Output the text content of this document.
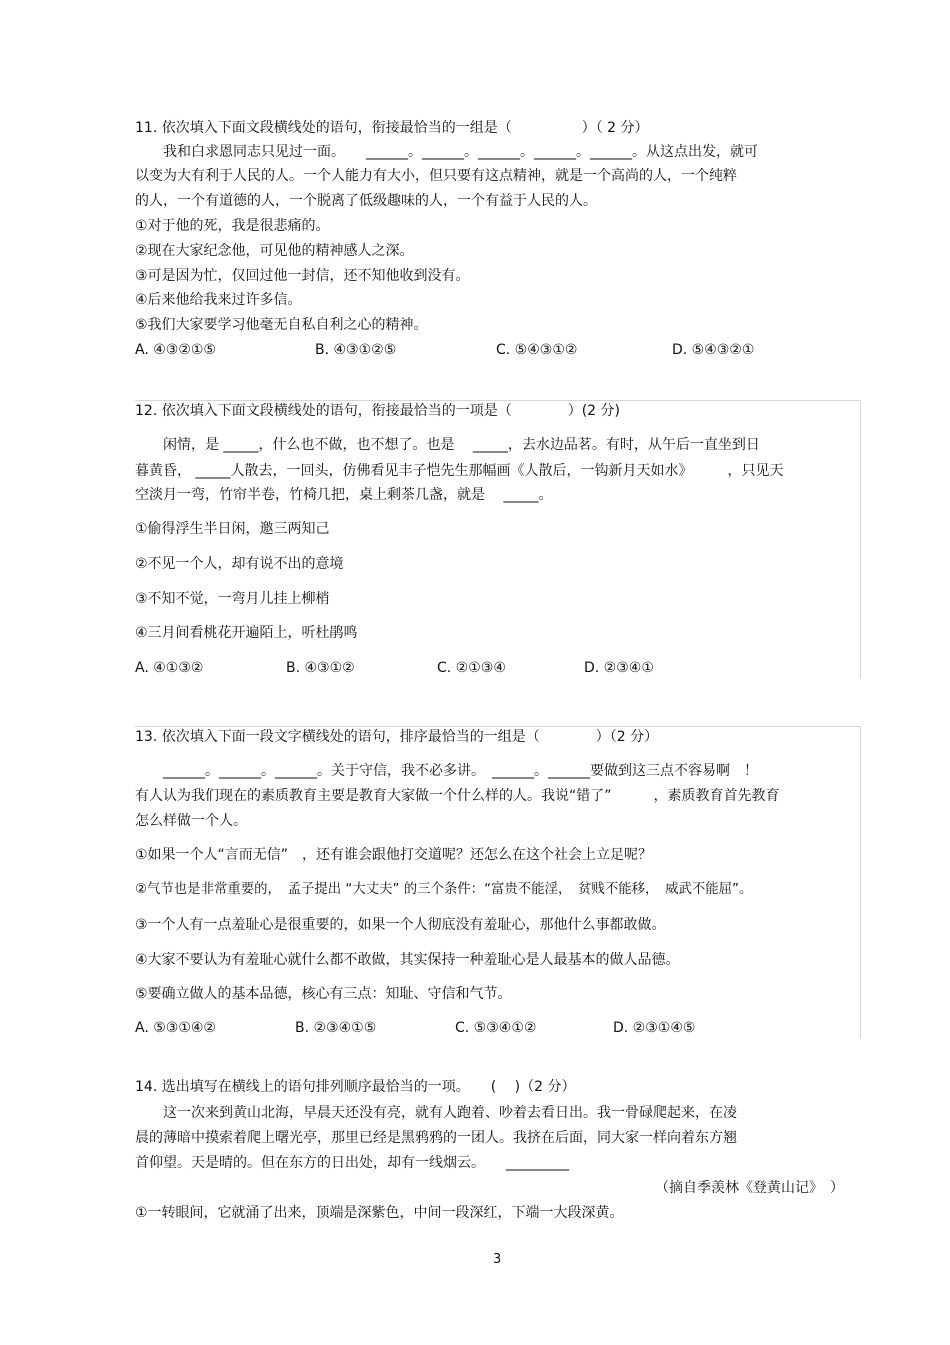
11. 依次填入下面文段横线处的语句，衔接最恰当的一组是（　　　　　）（ 2 分）
　　我和白求恩同志只见过一面。　　______。______。______。______。______。从这点出发，就可
以变为大有利于人民的人。一个人能力有大小，但只要有这点精神，就是一个高尚的人，一个纯粹
的人，一个有道德的人，一个脱离了低级趣味的人，一个有益于人民的人。
①对于他的死，我是很悲痛的。
②现在大家纪念他，可见他的精神感人之深。
③可是因为忙，仅回过他一封信，还不知他收到没有。
④后来他给我来过许多信。
⑤我们大家要学习他毫无自私自利之心的精神。
A. ④③②①⑤	B. ④③①②⑤	C. ⑤④③①②	D. ⑤④③②①
12. 依次填入下面文段横线处的语句，衔接最恰当的一项是（　　　　）(2 分)
　　闲情，是 _____，什么也不做，也不想了。也是　 _____，去水边品茗。有时，从午后一直坐到日
暮黄昏， _____人散去，一回头，仿佛看见丰子恺先生那幅画《人散后，一钩新月天如水》　　　，只见天
空淡月一弯，竹帘半卷，竹椅几把，桌上剩茶几盏，就是　 _____。
①偷得浮生半日闲，邀三两知己
②不见一个人，却有说不出的意境
③不知不觉，一弯月儿挂上柳梢
④三月间看桃花开遍陌上，听杜鹃鸣
A. ④①③②	B. ④③①②	C. ②①③④	D. ②③④①
13. 依次填入下面一段文字横线处的语句，排序最恰当的一组是（　　　　）（2 分）
　　______。______。______。关于守信，我不必多讲。　______。______要做到这三点不容易啊　！
有人认为我们现在的素质教育主要是教育大家做一个什么样的人。我说“错了”　　　，素质教育首先教育
怎么样做一个人。
①如果一个人“言而无信”　，还有谁会跟他打交道呢？还怎么在这个社会上立足呢？
②气节也是非常重要的，　孟子提出 “大丈夫” 的三个条件：“富贵不能淫，　贫贱不能移，　威武不能屈”。
③一个人有一点羞耻心是很重要的，如果一个人彻底没有羞耻心，那他什么事都敢做。
④大家不要认为有羞耻心就什么都不敢做，其实保持一种羞耻心是人最基本的做人品德。
⑤要确立做人的基本品德，核心有三点：知耻、守信和气节。
A. ⑤③①④②	B. ②③④①⑤	C. ⑤③④①②	D. ②③①④⑤
14. 选出填写在横线上的语句排列顺序最恰当的一项。　　(　 )（2 分）
　　这一次来到黄山北海，早晨天还没有亮，就有人跑着、吵着去看日出。我一骨碌爬起来，在凌
晨的薄暗中摸索着爬上曙光亭，那里已经是黑鸦鸦的一团人。我挤在后面，同大家一样向着东方翘
首仰望。天是晴的。但在东方的日出处，却有一线烟云。　　_________
（摘自季羡林《登黄山记》　）
①一转眼间，它就涌了出来，顶端是深紫色，中间一段深红，下端一大段深黄。
3
